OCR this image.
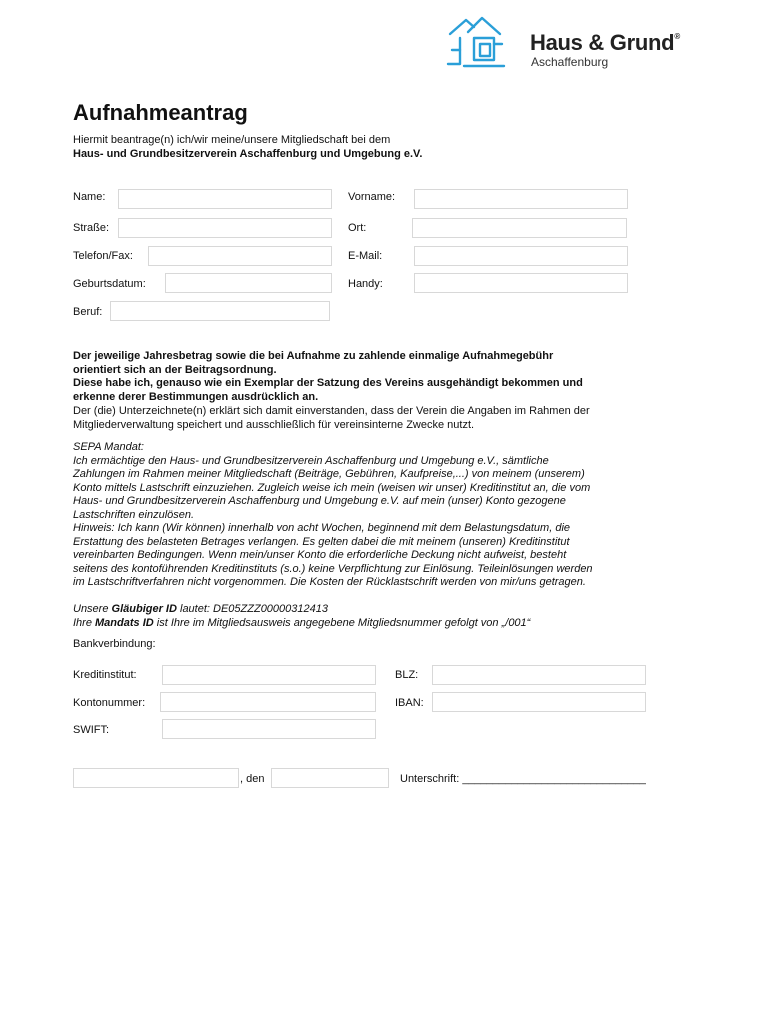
Haus & Grund®
Aschaffenburg
Aufnahmeantrag
Hiermit beantrage(n) ich/wir meine/unsere Mitgliedschaft bei dem
Haus- und Grundbesitzerverein Aschaffenburg und Umgebung e.V.
Name:	Vorname:
Straße:	Ort:
Telefon/Fax:	E-Mail:
Geburtsdatum:	Handy:
Beruf:
Der jeweilige Jahresbetrag sowie die bei Aufnahme zu zahlende einmalige Aufnahmegebühr
orientiert sich an der Beitragsordnung.
Diese habe ich, genauso wie ein Exemplar der Satzung des Vereins ausgehändigt bekommen und
erkenne derer Bestimmungen ausdrücklich an.
Der (die) Unterzeichnete(n) erklärt sich damit einverstanden, dass der Verein die Angaben im Rahmen der
Mitgliederverwaltung speichert und ausschließlich für vereinsinterne Zwecke nutzt.
SEPA Mandat:
Ich ermächtige den Haus- und Grundbesitzerverein Aschaffenburg und Umgebung e.V., sämtliche
Zahlungen im Rahmen meiner Mitgliedschaft (Beiträge, Gebühren, Kaufpreise,...) von meinem (unserem)
Konto mittels Lastschrift einzuziehen. Zugleich weise ich mein (weisen wir unser) Kreditinstitut an, die vom
Haus- und Grundbesitzerverein Aschaffenburg und Umgebung e.V. auf mein (unser) Konto gezogene
Lastschriften einzulösen.
Hinweis: Ich kann (Wir können) innerhalb von acht Wochen, beginnend mit dem Belastungsdatum, die
Erstattung des belasteten Betrages verlangen. Es gelten dabei die mit meinem (unseren) Kreditinstitut
vereinbarten Bedingungen. Wenn mein/unser Konto die erforderliche Deckung nicht aufweist, besteht
seitens des kontoführenden Kreditinstituts (s.o.) keine Verpflichtung zur Einlösung. Teileinlösungen werden
im Lastschriftverfahren nicht vorgenommen. Die Kosten der Rücklastschrift werden von mir/uns getragen.
Unsere Gläubiger ID lautet: DE05ZZZ00000312413
Ihre Mandats ID ist Ihre im Mitgliedsausweis angegebene Mitgliedsnummer gefolgt von „/001“
Bankverbindung:
Kreditinstitut:	BLZ:
Kontonummer:	IBAN:
SWIFT:
, den	Unterschrift: ______________________________
